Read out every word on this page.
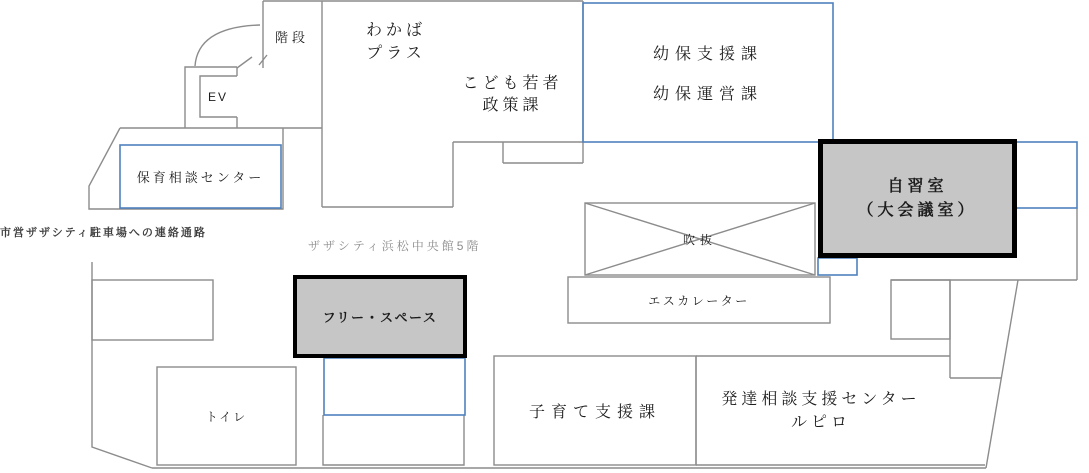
自習室
（大会議室）
フリー・スペース
階段
EV
保育相談センター
わかば
プラス
こども若者
政策課
幼保支援課
幼保運営課
吹抜
エスカレーター
トイレ	子育て支援課
発達相談支援センター
ルピロ
市営ザザシティ駐車場への連絡通路
ザザシティ浜松中央館5階
